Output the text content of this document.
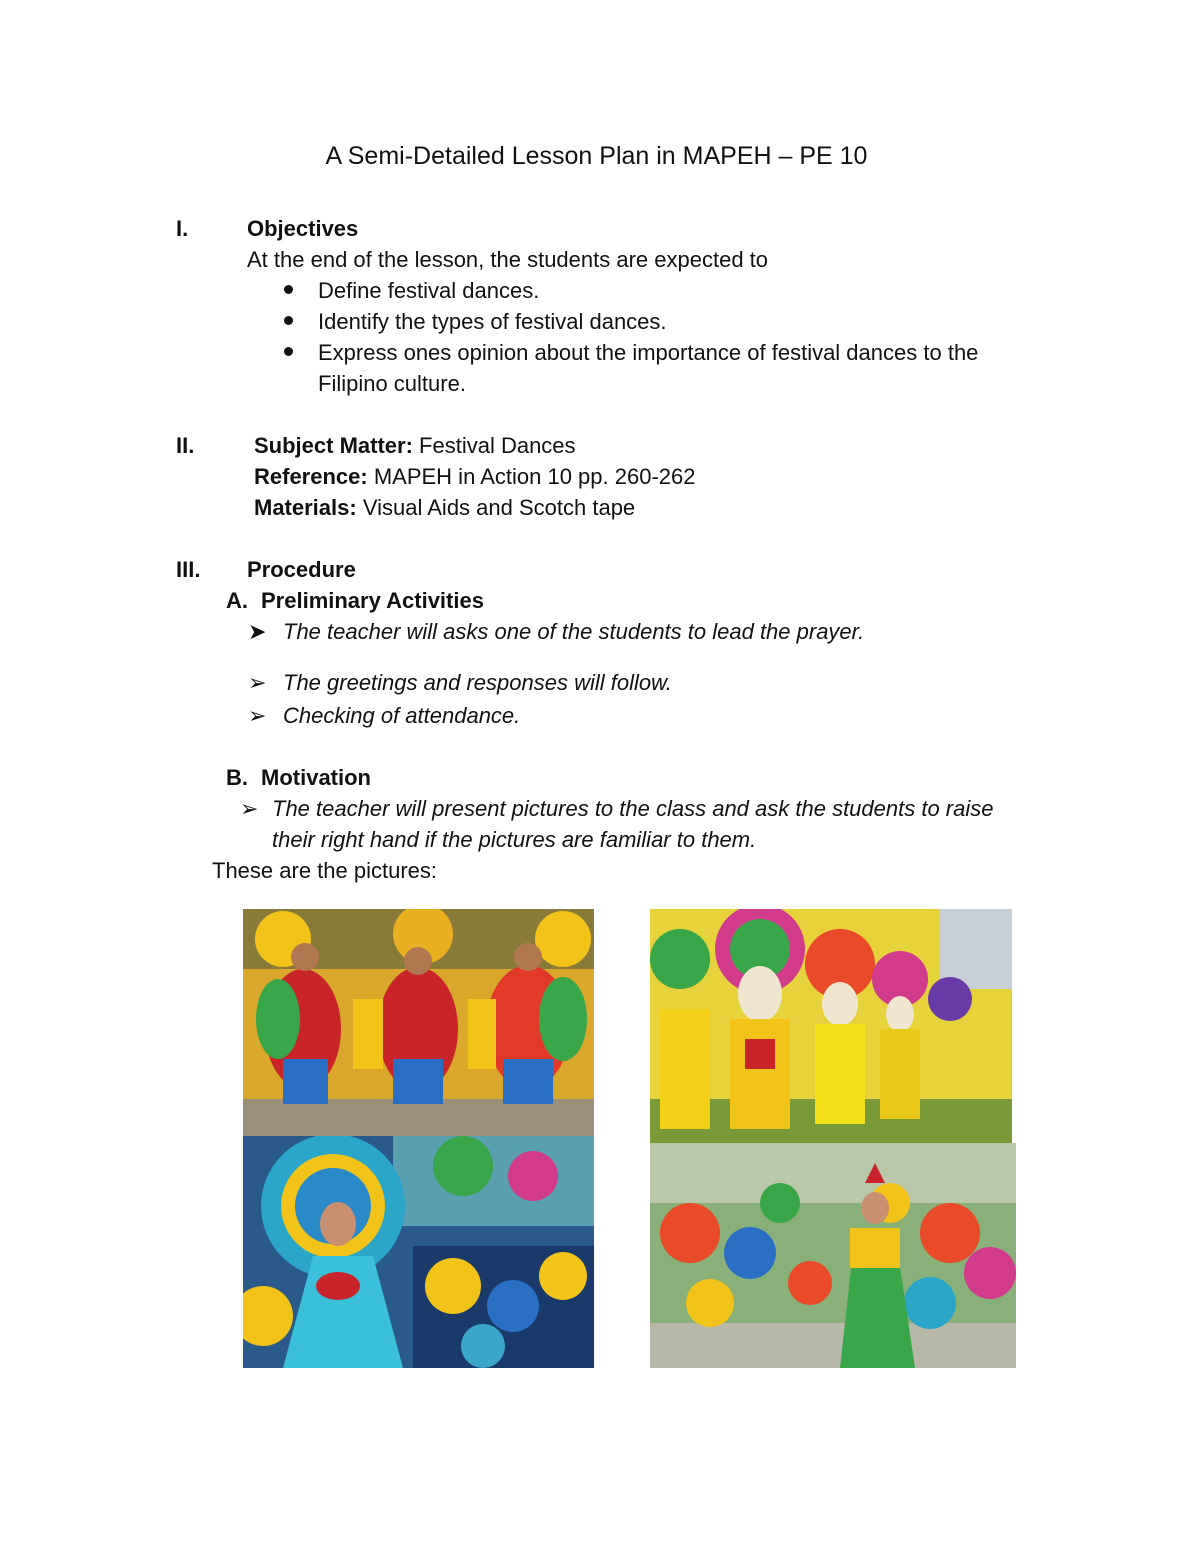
A Semi-Detailed Lesson Plan in MAPEH – PE 10
I.	Objectives
At the end of the lesson, the students are expected to
Define festival dances.
Identify the types of festival dances.
Express ones opinion about the importance of festival dances to the
Filipino culture.
II.	Subject Matter: Festival Dances
Reference: MAPEH in Action 10 pp. 260-262
Materials: Visual Aids and Scotch tape
III. Procedure
A. Preliminary Activities
➤ The teacher will asks one of the students to lead the prayer.
➢ The greetings and responses will follow.
➢ Checking of attendance.
B. Motivation
➢ The teacher will present pictures to the class and ask the students to raise
their right hand if the pictures are familiar to them.
These are the pictures:
